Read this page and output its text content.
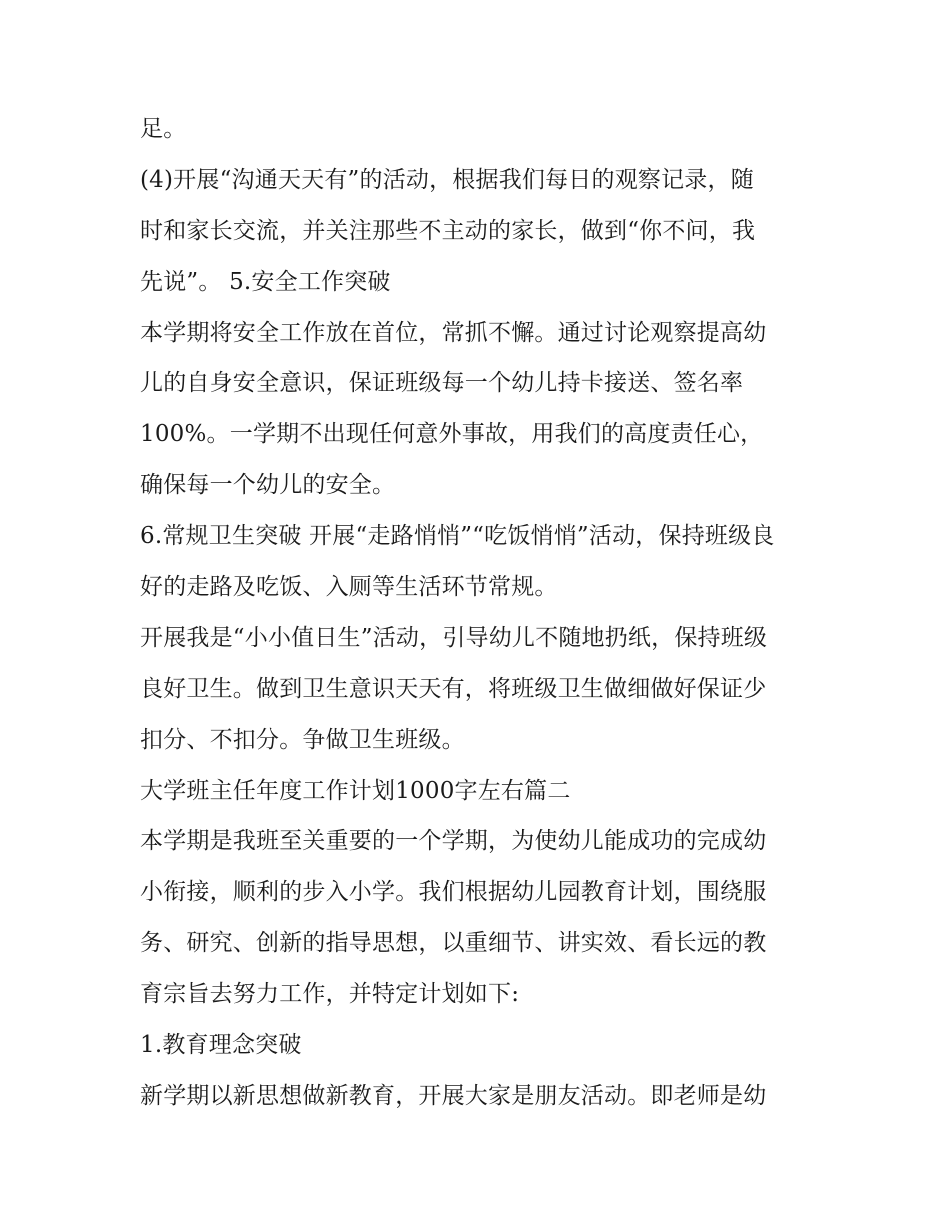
足。
(4)开展“沟通天天有”的活动，根据我们每日的观察记录，随
时和家长交流，并关注那些不主动的家长，做到“你不问，我
先说”。 5.安全工作突破
本学期将安全工作放在首位，常抓不懈。通过讨论观察提高幼
儿的自身安全意识，保证班级每一个幼儿持卡接送、签名率
100%。一学期不出现任何意外事故，用我们的高度责任心，
确保每一个幼儿的安全。
6.常规卫生突破 开展“走路悄悄”“吃饭悄悄”活动，保持班级良
好的走路及吃饭、入厕等生活环节常规。
开展我是“小小值日生”活动，引导幼儿不随地扔纸，保持班级
良好卫生。做到卫生意识天天有，将班级卫生做细做好保证少
扣分、不扣分。争做卫生班级。
大学班主任年度工作计划1000字左右篇二
本学期是我班至关重要的一个学期，为使幼儿能成功的完成幼
小衔接，顺利的步入小学。我们根据幼儿园教育计划，围绕服
务、研究、创新的指导思想，以重细节、讲实效、看长远的教
育宗旨去努力工作，并特定计划如下:
1.教育理念突破
新学期以新思想做新教育，开展大家是朋友活动。即老师是幼
